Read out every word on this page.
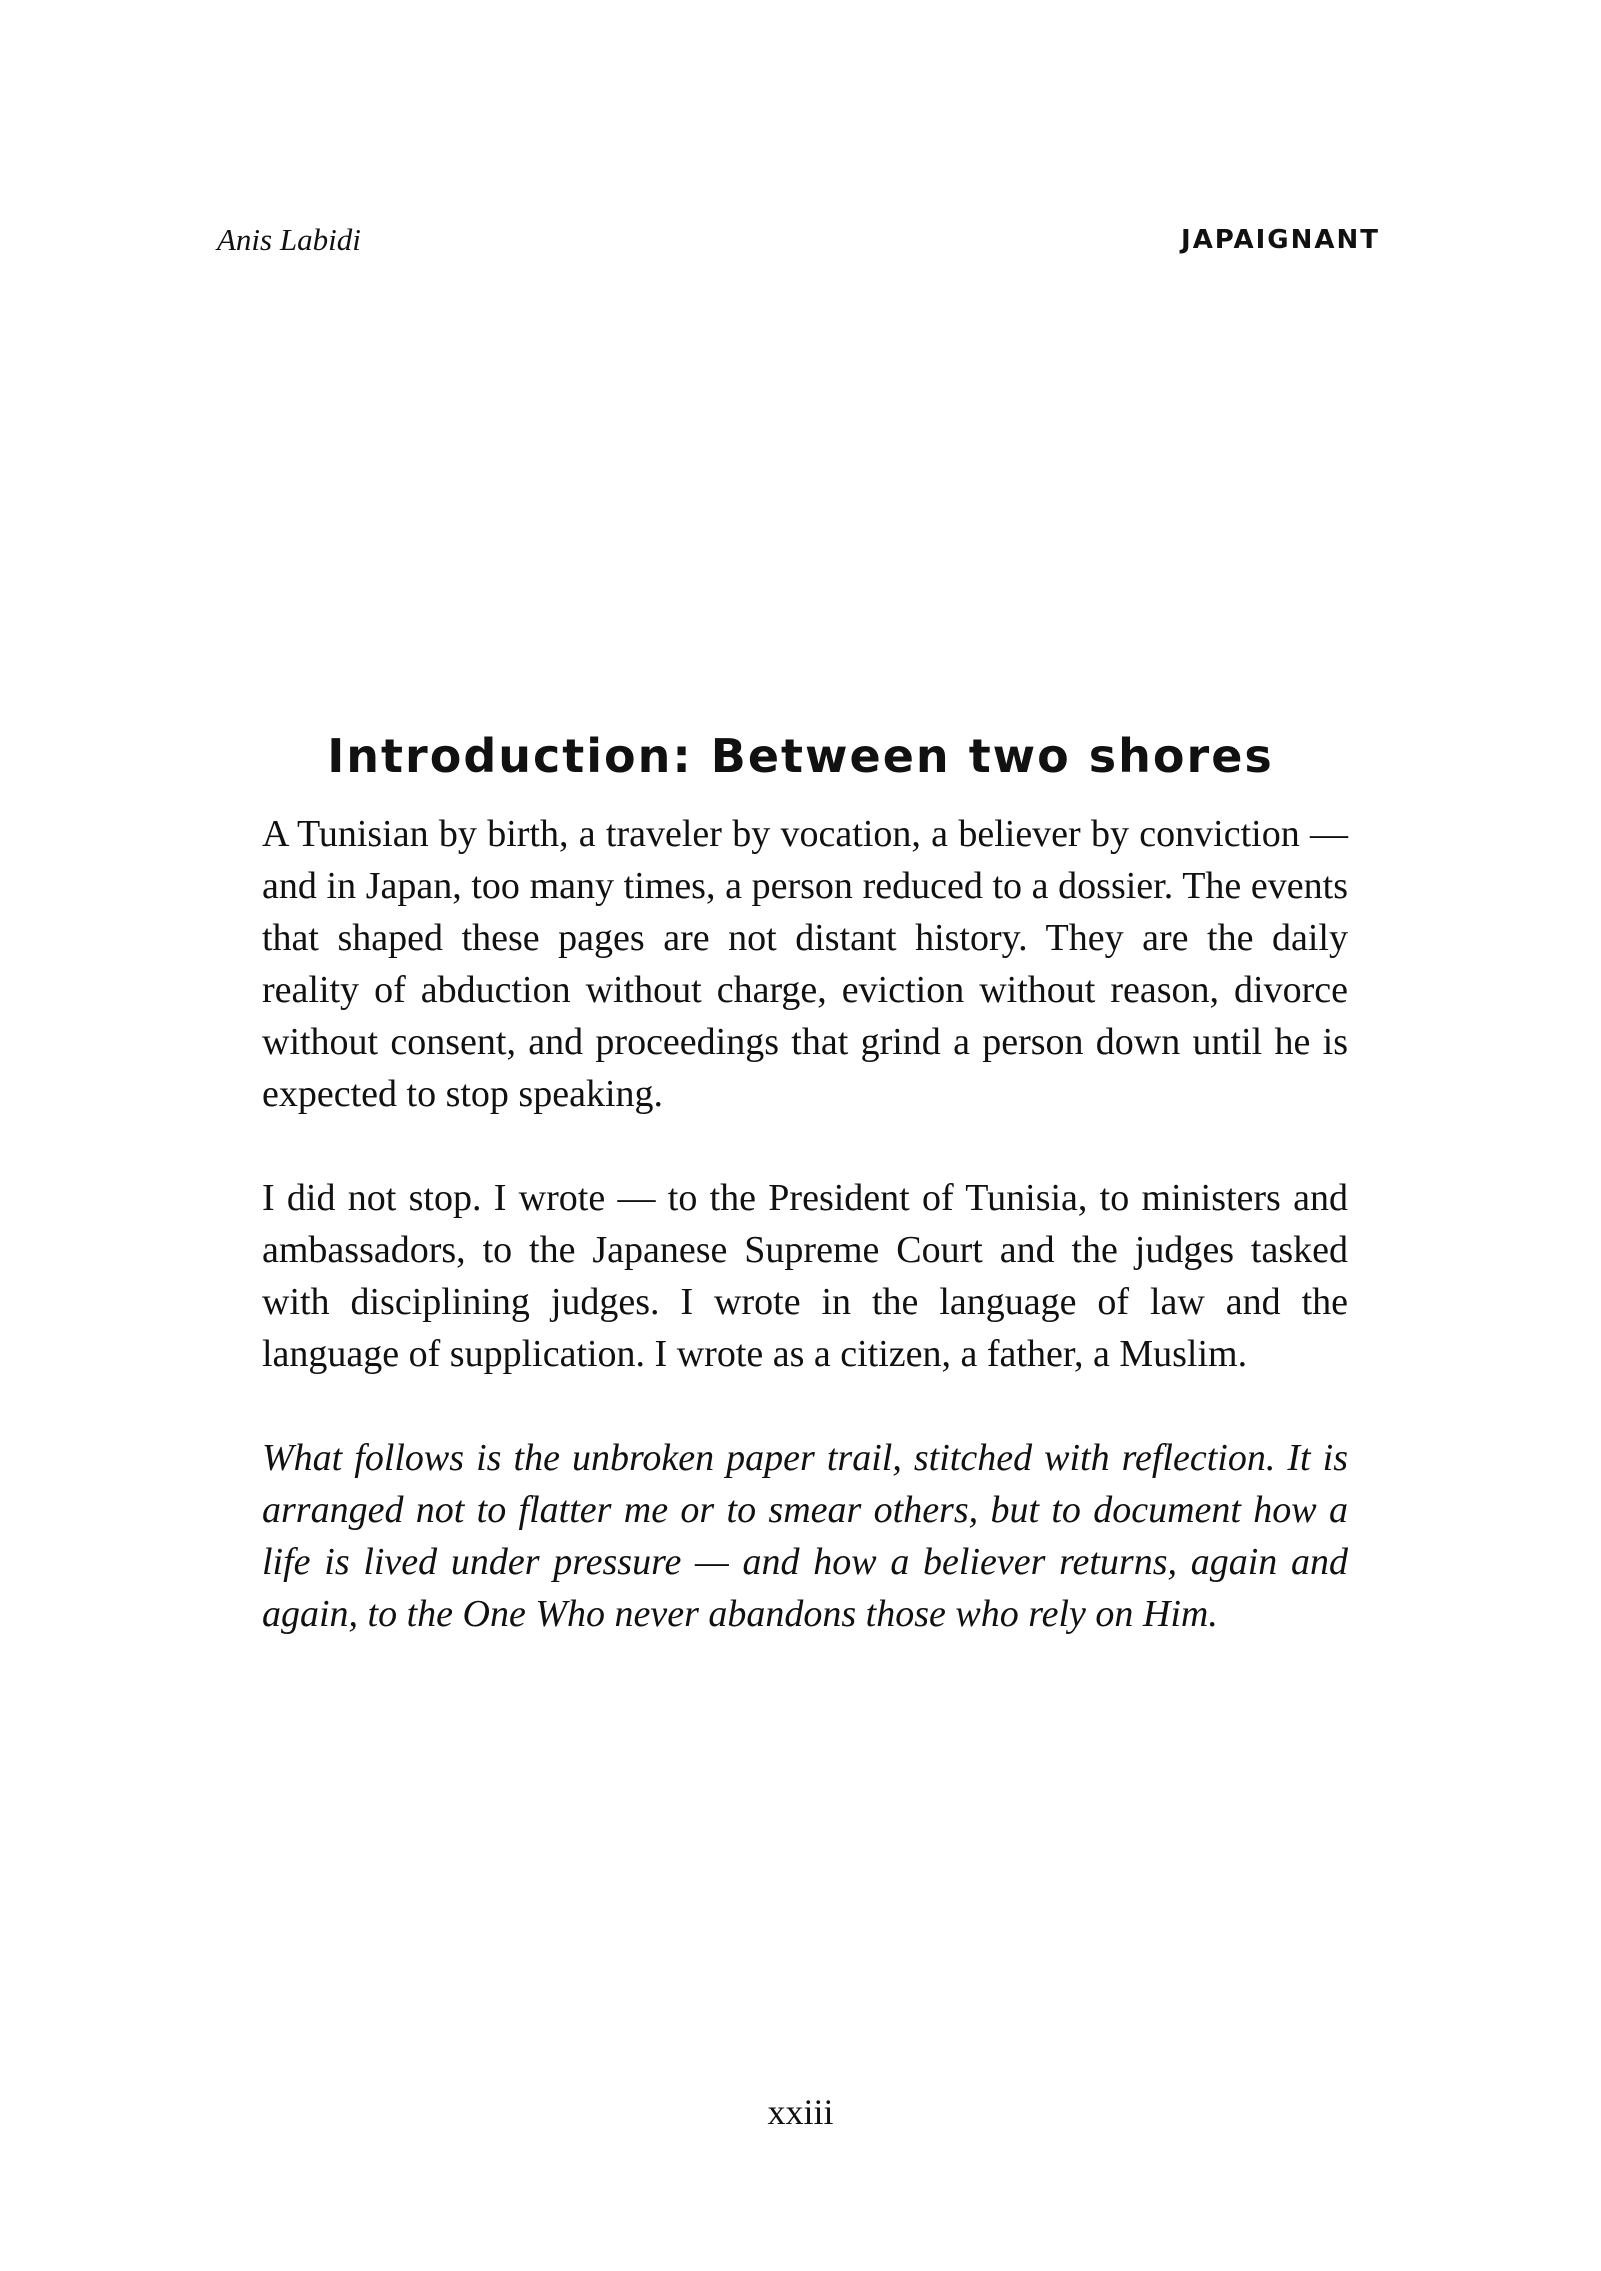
Anis Labidi	JAPAIGNANT
Introduction: Between two shores

A Tunisian by birth, a traveler by vocation, a believer by conviction — and in Japan, too many times, a person reduced to a dossier. The events that shaped these pages are not distant history. They are the daily reality of abduction without charge, eviction without reason, divorce without consent, and proceedings that grind a person down until he is expected to stop speaking.

I did not stop. I wrote — to the President of Tunisia, to ministers and ambassadors, to the Japanese Supreme Court and the judges tasked with disciplining judges. I wrote in the language of law and the language of supplication. I wrote as a citizen, a father, a Muslim.

What follows is the unbroken paper trail, stitched with reflection. It is arranged not to flatter me or to smear others, but to document how a life is lived under pressure — and how a believer returns, again and again, to the One Who never abandons those who rely on Him.

xxiii
